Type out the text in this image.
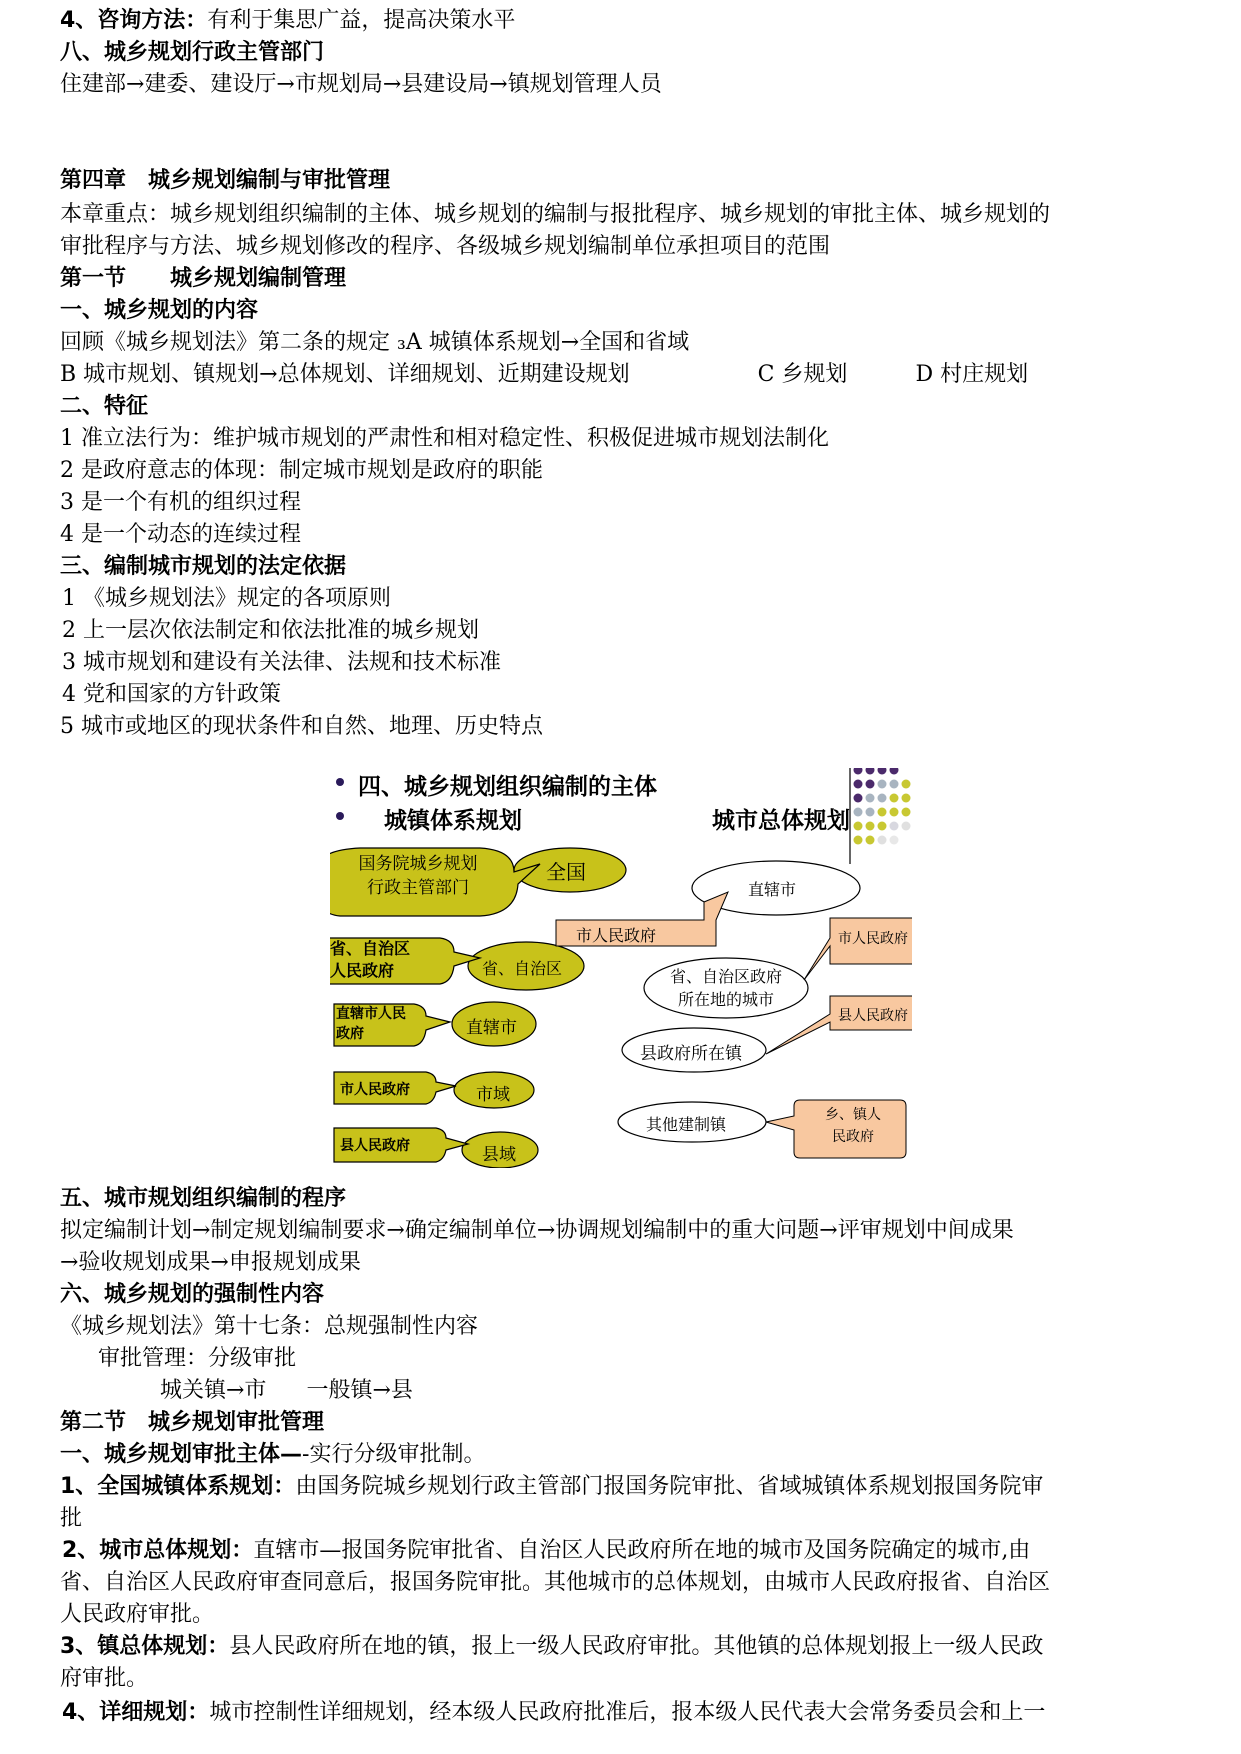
4、咨询方法：有利于集思广益，提高决策水平
八、城乡规划行政主管部门
住建部→建委、建设厅→市规划局→县建设局→镇规划管理人员
第四章　城乡规划编制与审批管理
本章重点：城乡规划组织编制的主体、城乡规划的编制与报批程序、城乡规划的审批主体、城乡规划的
审批程序与方法、城乡规划修改的程序、各级城乡规划编制单位承担项目的范围
第一节　　城乡规划编制管理
一、城乡规划的内容
回顾《城乡规划法》第二条的规定 ₃A 城镇体系规划→全国和省域
B 城市规划、镇规划→总体规划、详细规划、近期建设规划	C 乡规划	D 村庄规划
二、特征
1 准立法行为：维护城市规划的严肃性和相对稳定性、积极促进城市规划法制化
2 是政府意志的体现：制定城市规划是政府的职能
3 是一个有机的组织过程
4 是一个动态的连续过程
三、编制城市规划的法定依据
1 《城乡规划法》规定的各项原则
2 上一层次依法制定和依法批准的城乡规划
3 城市规划和建设有关法律、法规和技术标准
4 党和国家的方针政策
5 城市或地区的现状条件和自然、地理、历史特点
四、城乡规划组织编制的主体
城镇体系规划	城市总体规划
全国
国务院城乡规划
行政主管部门
省、自治区
人民政府	省、自治区
直辖市人民
政府	直辖市
市人民政府	市域
县人民政府	县域
直辖市
市人民政府	市人民政府
省、自治区政府
所在地的城市
县人民政府
县政府所在镇
其他建制镇	乡、镇人
民政府
五、城市规划组织编制的程序
拟定编制计划→制定规划编制要求→确定编制单位→协调规划编制中的重大问题→评审规划中间成果
→验收规划成果→申报规划成果
六、城乡规划的强制性内容
《城乡规划法》第十七条：总规强制性内容
审批管理：分级审批
城关镇→市 一般镇→县
第二节　城乡规划审批管理
一、城乡规划审批主体—-实行分级审批制。
1、全国城镇体系规划：由国务院城乡规划行政主管部门报国务院审批、省域城镇体系规划报国务院审
批
2、城市总体规划：直辖市—报国务院审批省、自治区人民政府所在地的城市及国务院确定的城市,由
省、自治区人民政府审查同意后，报国务院审批。其他城市的总体规划，由城市人民政府报省、自治区
人民政府审批。
3、镇总体规划：县人民政府所在地的镇，报上一级人民政府审批。其他镇的总体规划报上一级人民政
府审批。
4、详细规划：城市控制性详细规划，经本级人民政府批准后，报本级人民代表大会常务委员会和上一
